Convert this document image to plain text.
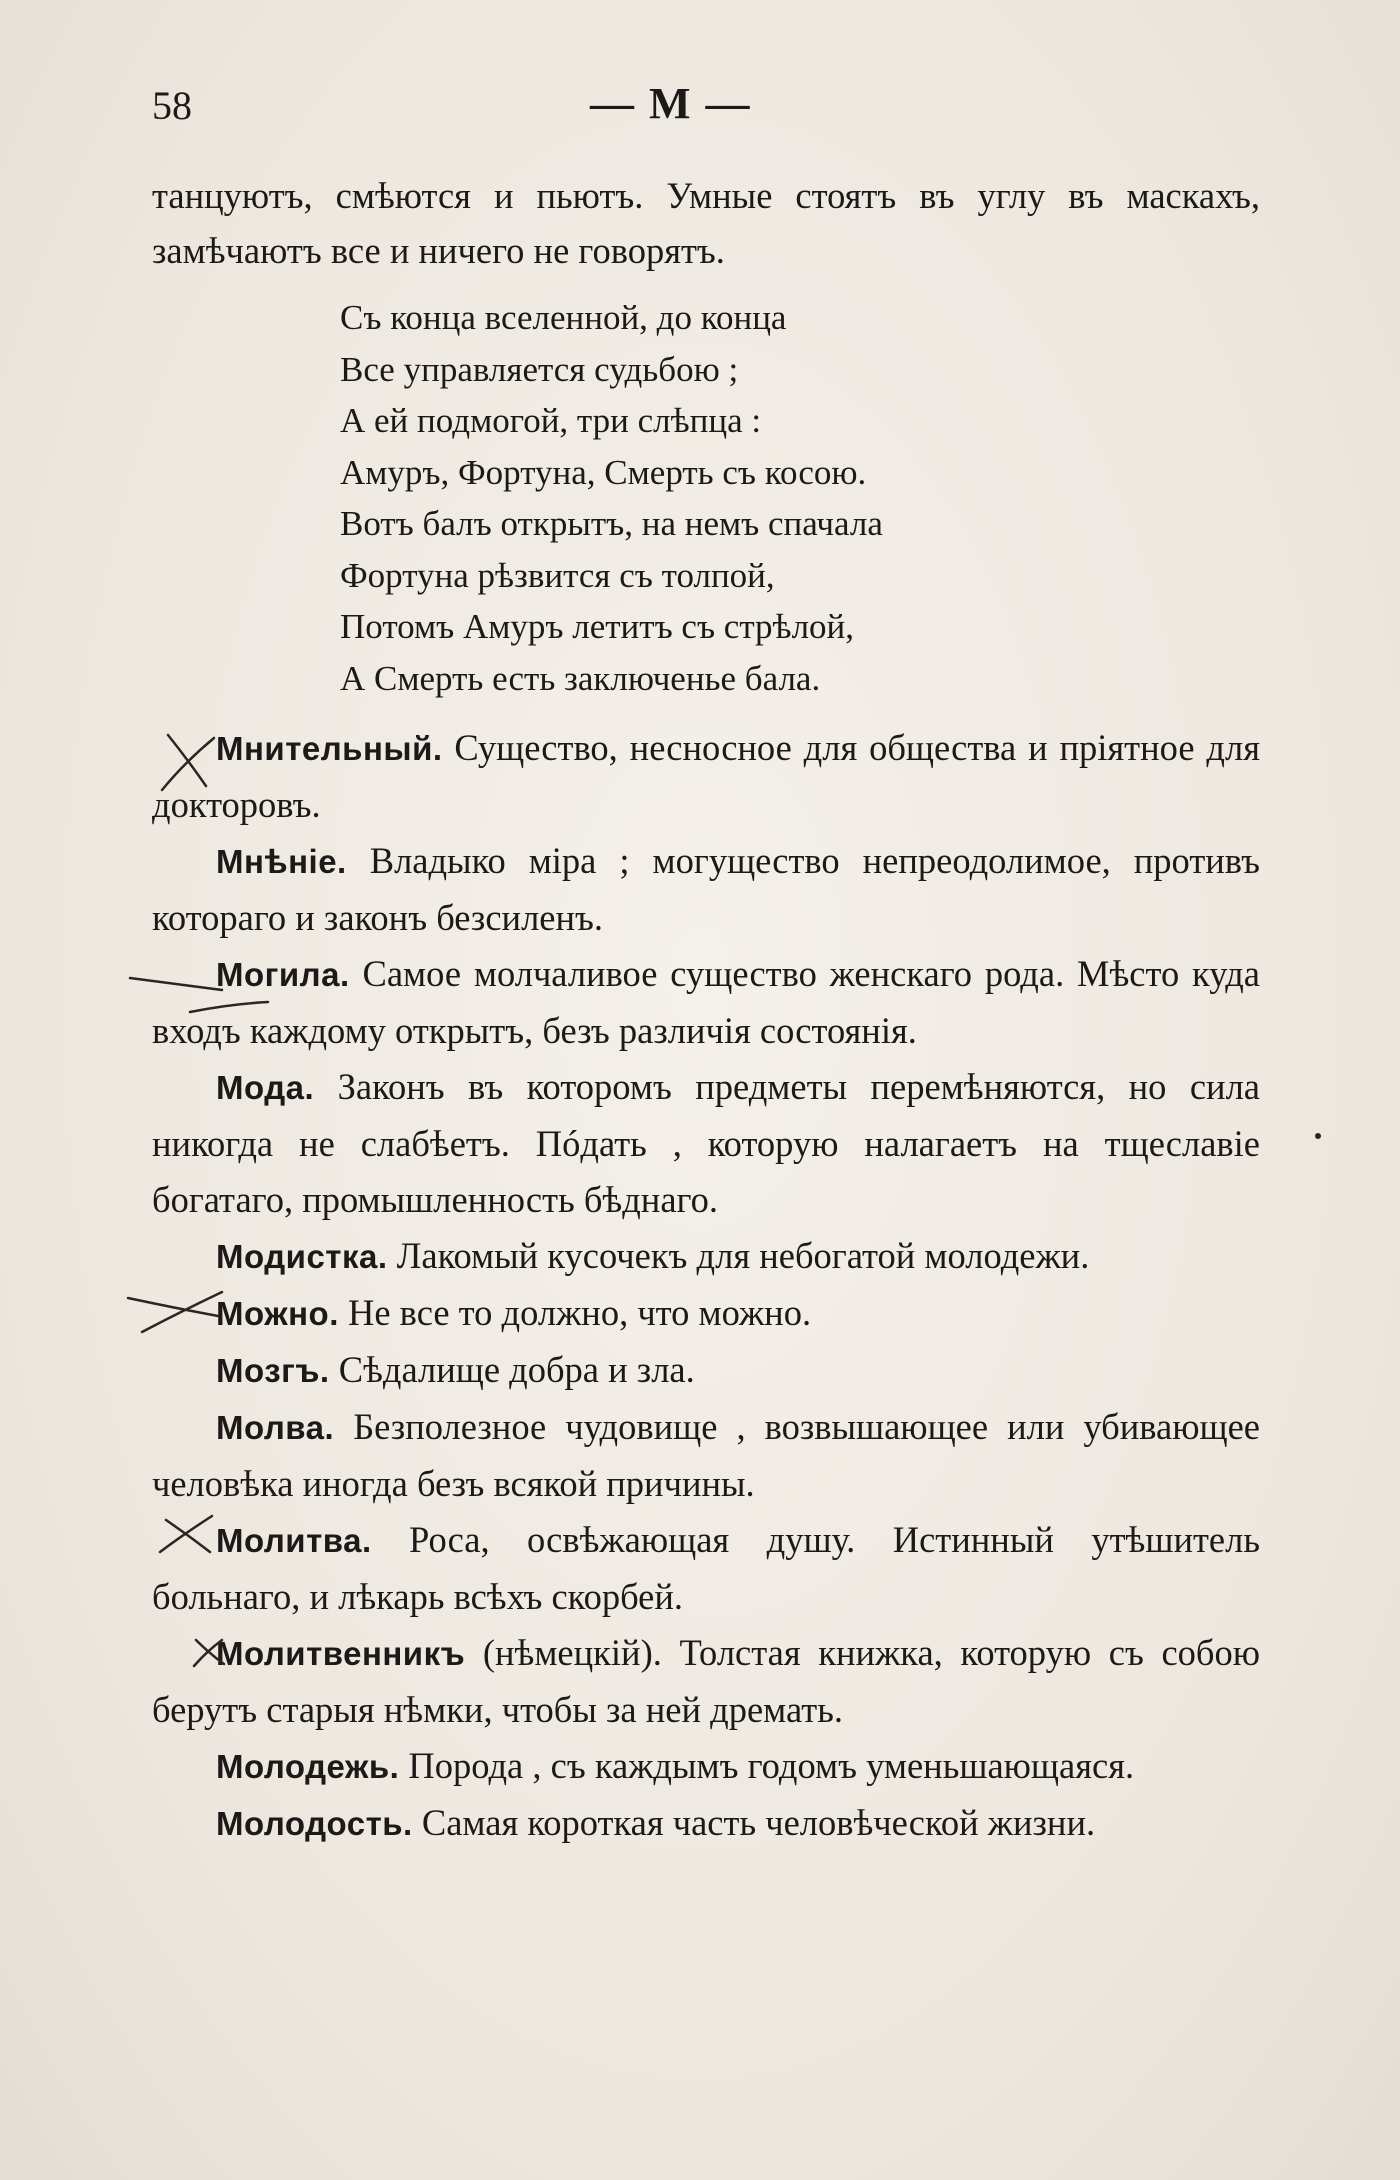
58	— М —
танцуютъ, смѣются и пьютъ. Умные стоятъ въ углу въ маскахъ, замѣчаютъ все и ничего не говорятъ.
Съ конца вселенной, до конца
Все управляется судьбою ;
А ей подмогой, три слѣпца :
Амуръ, Фортуна, Смерть съ косою.
Вотъ балъ открытъ, на немъ спачала
Фортуна рѣзвится съ толпой,
Потомъ Амуръ летитъ съ стрѣлой,
А Смерть есть заключенье бала.

Мнительный. Существо, несносное для общества и пріятное для докторовъ.

Мнѣніе. Владыко міра ; могущество непреодолимое, противъ котораго и законъ безсиленъ.

Могила. Самое молчаливое существо женскаго рода. Мѣсто куда входъ каждому открытъ, безъ различія состоянія.

Мода. Законъ въ которомъ предметы перемѣняются, но сила никогда не слабѣетъ. Пóдать , которую налагаетъ на тщеславіе богатаго, промышленность бѣднаго.

Модистка. Лакомый кусочекъ для небогатой молодежи.

Можно. Не все то должно, что можно.

Мозгъ. Сѣдалище добра и зла.

Молва. Безполезное чудовище , возвышающее или убивающее человѣка иногда безъ всякой причины.

Молитва. Роса, освѣжающая душу. Истинный утѣшитель больнаго, и лѣкарь всѣхъ скорбей.

Молитвенникъ (нѣмецкій). Толстая книжка, которую съ собою берутъ старыя нѣмки, чтобы за ней дремать.

Молодежь. Порода , съ каждымъ годомъ уменьшающаяся.

Молодость. Самая короткая часть человѣческой жизни.
